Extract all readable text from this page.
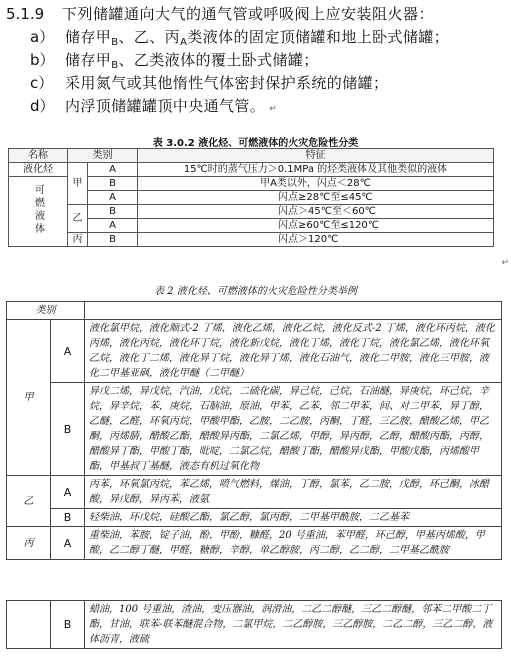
5.1.9 下列储罐通向大气的通气管或呼吸阀上应安装阻火器：
a） 储存甲$_B$、乙、丙$_A$类液体的固定顶储罐和地上卧式储罐；
b） 储存甲$_B$、乙类液体的覆土卧式储罐；
c） 采用氮气或其他惰性气体密封保护系统的储罐；
d） 内浮顶储罐罐顶中央通气管。 ↵
表 3.0.2 液化烃、可燃液体的火灾危险性分类
名称	类别		特征
液化烃	甲	A	15℃时的蒸气压力＞0.1MPa 的烃类液体及其他类似的液体
可燃液体		B	甲A类以外，闪点＜28℃
		A	闪点≥28℃至≤45℃
	乙	B	闪点＞45℃至＜60℃
		A	闪点≥60℃至≤120℃
	丙	B	闪点＞120℃
↵
表 2 液化烃、可燃液体的火灾危险性分类举例
类别		
甲	A	液化氯甲烷，液化顺式-2 丁烯，液化乙烯，液化乙烷，液化反式-2 丁烯，液化环丙烷，液化丙烯，液化丙烷，液化环丁烷，液化新戊烷，液化丁烯，液化丁烷，液化氯乙烯，液化环氧乙烷，液化丁二烯，液化异丁烷，液化异丁烯，液化石油气，液化二甲胺，液化三甲胺，液化二甲基亚砜，液化甲醚（二甲醚）
	B	异戊二烯，异戊烷，汽油，戊烷，二硫化碳，异己烷，己烷，石油醚，异庚烷，环己烷，辛烷，异辛烷，苯，庚烷，石脑油，原油，甲苯，乙苯，邻二甲苯，间、对二甲苯，异丁醇，乙醚，乙醛，环氧丙烷，甲酸甲酯，乙胺，二乙胺，丙酮，丁醛，三乙胺，醋酸乙烯，甲乙酮，丙烯腈，醋酸乙酯，醋酸异丙酯，二氯乙烯，甲醇，异丙醇，乙醇，醋酸丙酯，丙醇，醋酸异丁酯，甲酸丁酯，吡啶，二氯乙烷，醋酸丁酯，醋酸异戊酯，甲酸戊酯，丙烯酸甲酯，甲基叔丁基醚，液态有机过氧化物
乙	A	丙苯，环氧氯丙烷，苯乙烯，喷气燃料，煤油，丁醇，氯苯，乙二胺，戊醇，环己酮，冰醋酸，异戊醇，异丙苯，液氨
	B	轻柴油，环戊烷，硅酸乙酯，氯乙醇，氯丙醇，二甲基甲酰胺，二乙基苯
丙	A	重柴油，苯胺，锭子油，酚，甲酚，糠醛，20 号重油，苯甲醛，环己醇，甲基丙烯酸，甲酸，乙二醇丁醚，甲醛，糖醇，辛醇，单乙醇胺，丙二醇，乙二醇，二甲基乙酰胺
	B	蜡油，100 号重油，渣油，变压器油，润滑油，二乙二醇醚，三乙二醇醚，邻苯二甲酸二丁酯，甘油，联苯-联苯醚混合物，二氯甲烷，二乙醇胺，三乙醇胺，二乙二醇，三乙二醇，液体沥青，液硫
